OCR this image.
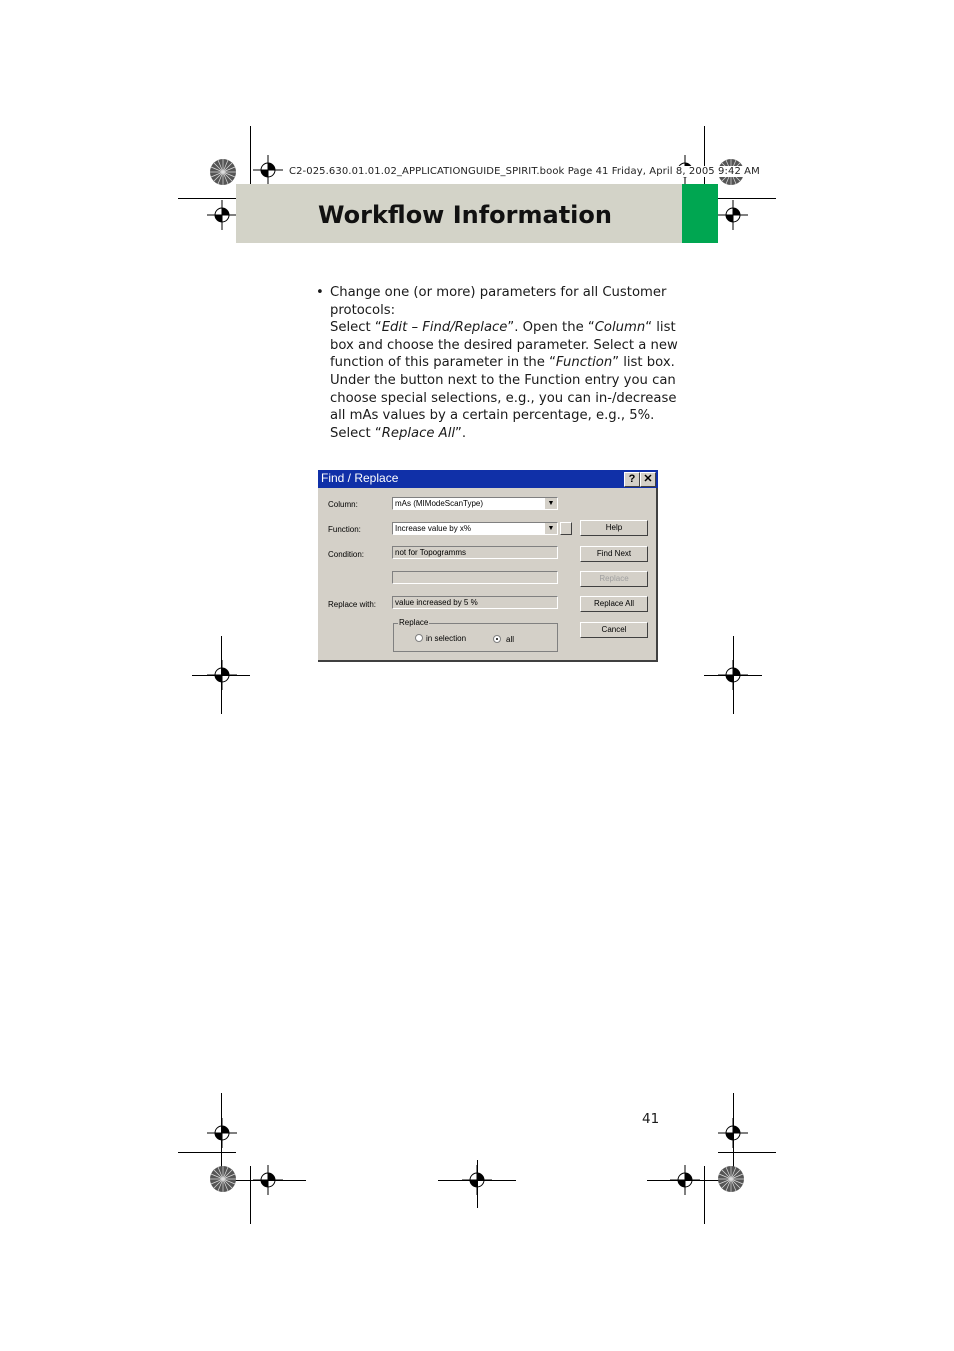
C2-025.630.01.01.02_APPLICATIONGUIDE_SPIRIT.book Page 41 Friday, April 8, 2005 9:42 AM
Workflow Information
• Change one (or more) parameters for all Customer
protocols:
Select “Edit – Find/Replace”. Open the “Column“ list
box and choose the desired parameter. Select a new
function of this parameter in the “Function” list box.
Under the button next to the Function entry you can
choose special selections, e.g., you can in-/decrease
all mAs values by a certain percentage, e.g., 5%.
Select “Replace All”.
Find / Replace	? ✕
Column:	mAs (MIModeScanType)	▼
Function:	Increase value by x%	▼
Condition:	not for Topogramms
Replace with:	value increased by 5 %
Replace
in selection	all
Help
Find Next
Replace
Replace All
Cancel
41
